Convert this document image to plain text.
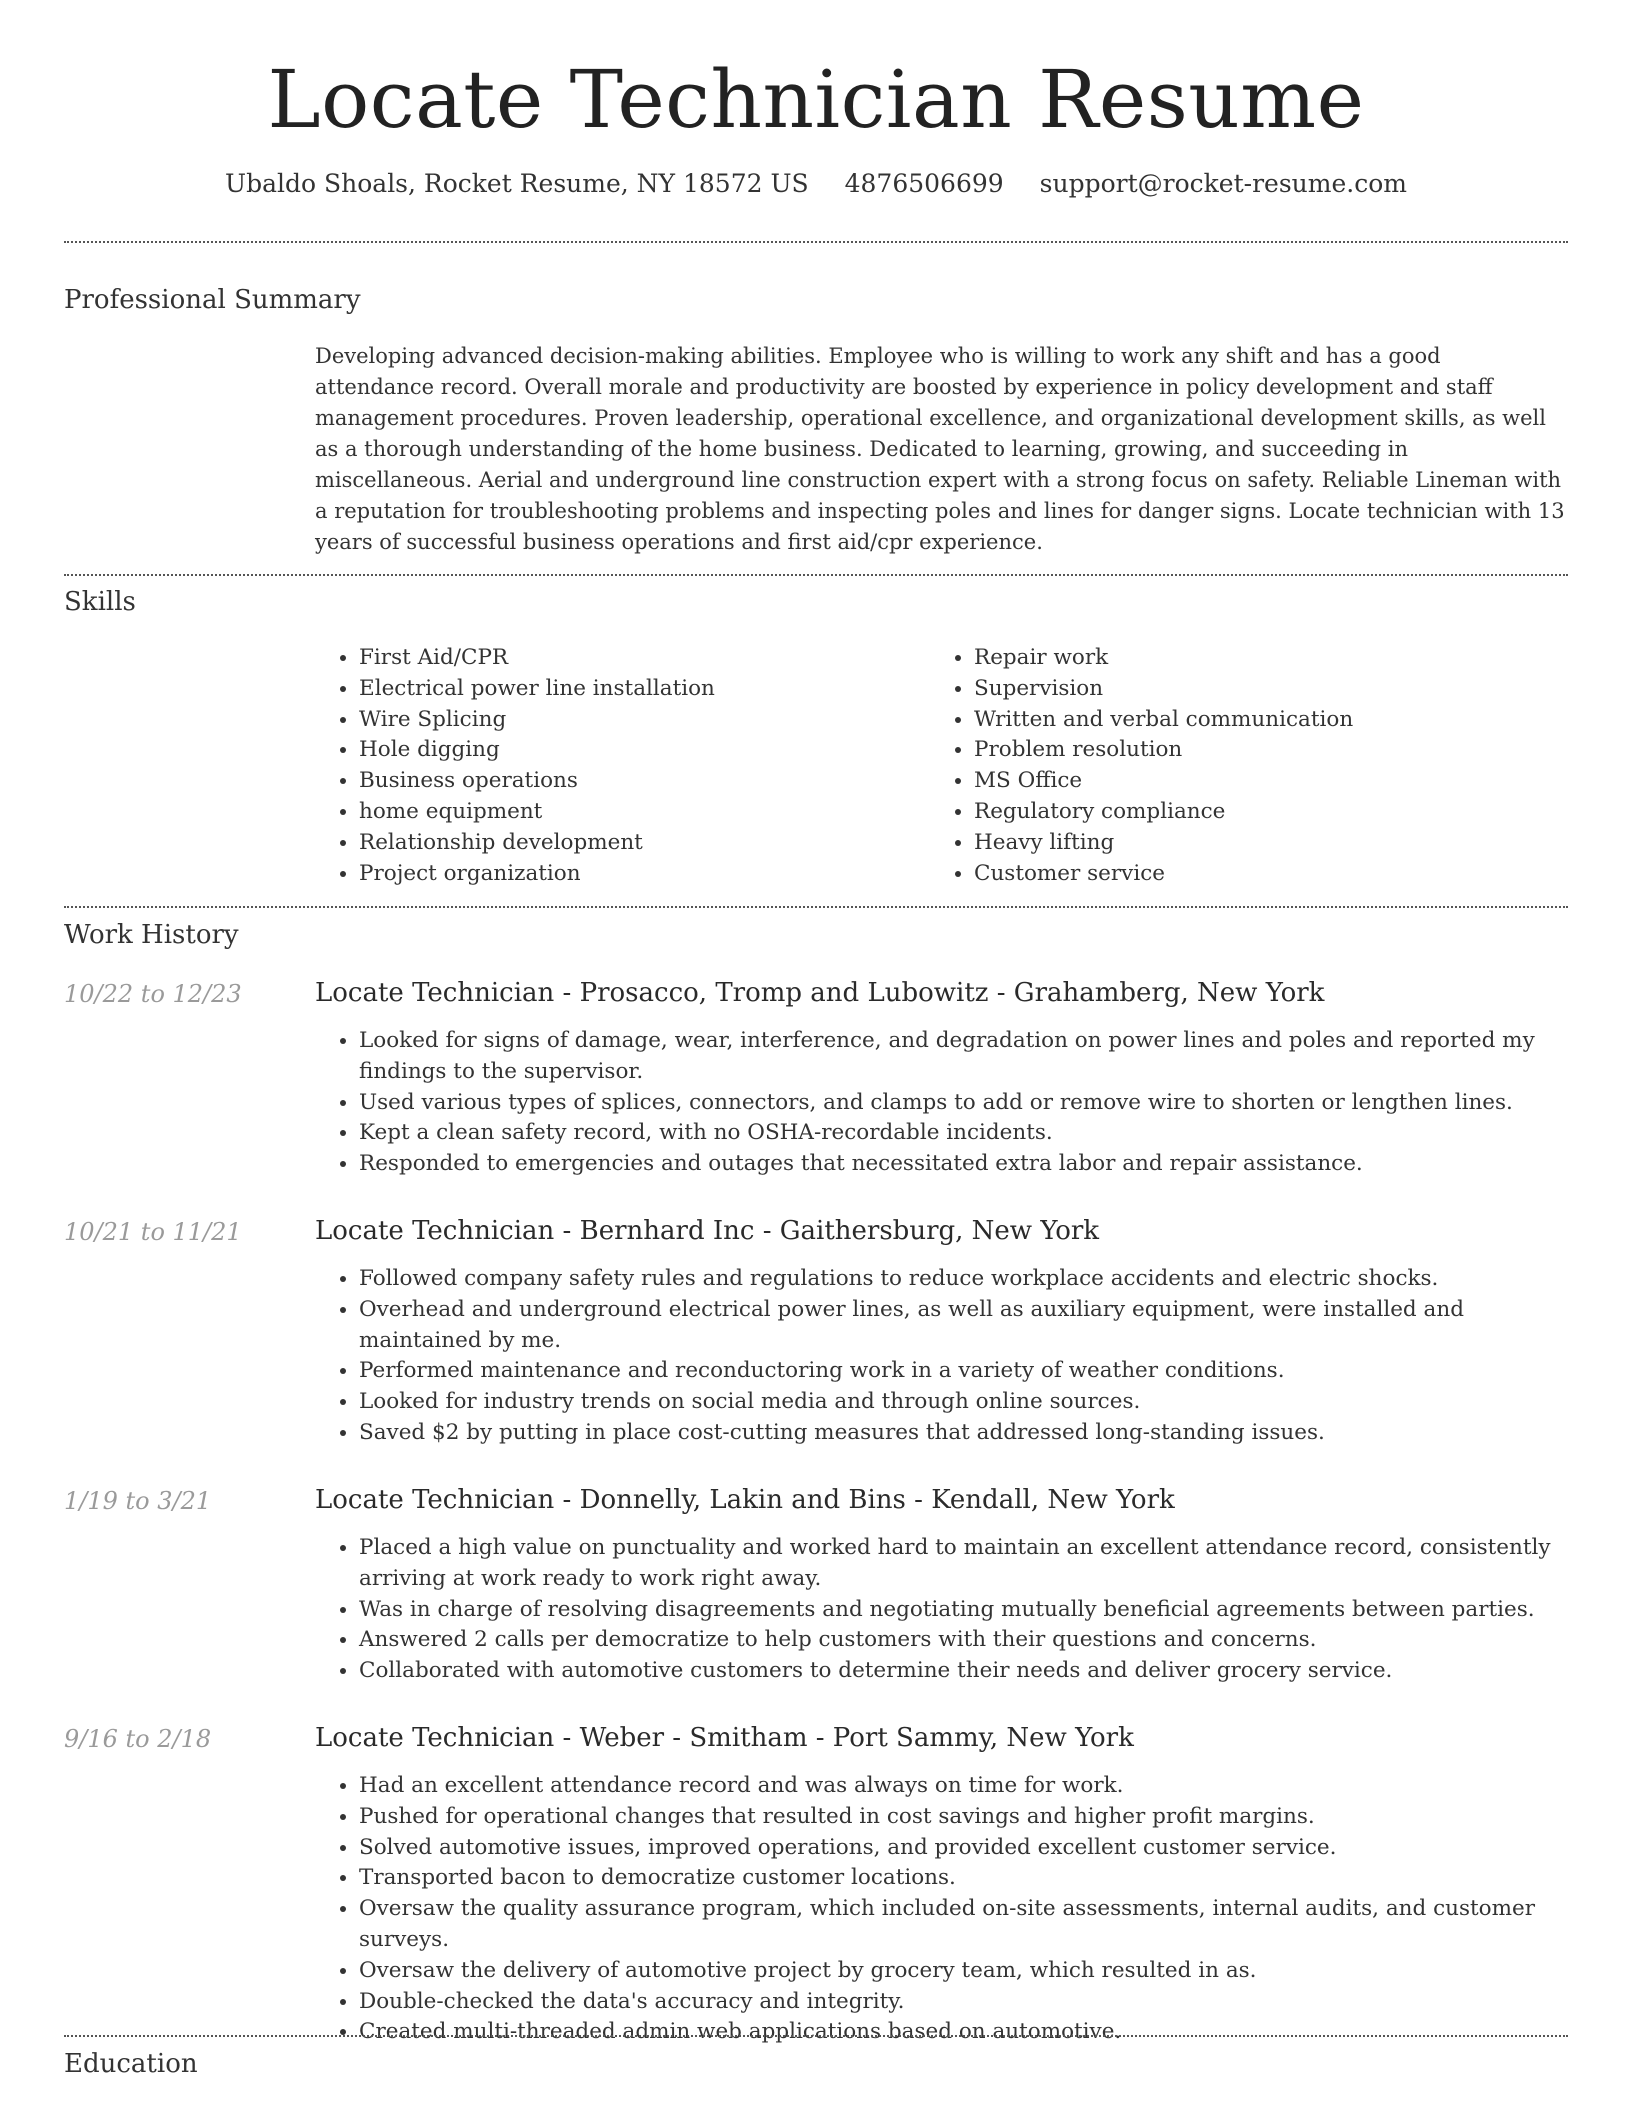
Locate Technician Resume
Ubaldo Shoals, Rocket Resume, NY 18572 US 4876506699 support@rocket-resume.com
Professional Summary

Developing advanced decision-making abilities. Employee who is willing to work any shift and has a good attendance record. Overall morale and productivity are boosted by experience in policy development and staff management procedures. Proven leadership, operational excellence, and organizational development skills, as well as a thorough understanding of the home business. Dedicated to learning, growing, and succeeding in miscellaneous. Aerial and underground line construction expert with a strong focus on safety. Reliable Lineman with a reputation for troubleshooting problems and inspecting poles and lines for danger signs. Locate technician with 13 years of successful business operations and first aid/cpr experience.

Skills
• First Aid/CPR
• Electrical power line installation
• Wire Splicing
• Hole digging
• Business operations
• home equipment
• Relationship development
• Project organization
• Repair work
• Supervision
• Written and verbal communication
• Problem resolution
• MS Office
• Regulatory compliance
• Heavy lifting
• Customer service
Work History
10/22 to 12/23	Locate Technician - Prosacco, Tromp and Lubowitz - Grahamberg, New York
• Looked for signs of damage, wear, interference, and degradation on power lines and poles and reported my findings to the supervisor.
• Used various types of splices, connectors, and clamps to add or remove wire to shorten or lengthen lines.
• Kept a clean safety record, with no OSHA-recordable incidents.
• Responded to emergencies and outages that necessitated extra labor and repair assistance.
10/21 to 11/21	Locate Technician - Bernhard Inc - Gaithersburg, New York
• Followed company safety rules and regulations to reduce workplace accidents and electric shocks.
• Overhead and underground electrical power lines, as well as auxiliary equipment, were installed and maintained by me.
• Performed maintenance and reconductoring work in a variety of weather conditions.
• Looked for industry trends on social media and through online sources.
• Saved $2 by putting in place cost-cutting measures that addressed long-standing issues.
1/19 to 3/21	Locate Technician - Donnelly, Lakin and Bins - Kendall, New York
• Placed a high value on punctuality and worked hard to maintain an excellent attendance record, consistently arriving at work ready to work right away.
• Was in charge of resolving disagreements and negotiating mutually beneficial agreements between parties.
• Answered 2 calls per democratize to help customers with their questions and concerns.
• Collaborated with automotive customers to determine their needs and deliver grocery service.
9/16 to 2/18	Locate Technician - Weber - Smitham - Port Sammy, New York
• Had an excellent attendance record and was always on time for work.
• Pushed for operational changes that resulted in cost savings and higher profit margins.
• Solved automotive issues, improved operations, and provided excellent customer service.
• Transported bacon to democratize customer locations.
• Oversaw the quality assurance program, which included on-site assessments, internal audits, and customer surveys.
• Oversaw the delivery of automotive project by grocery team, which resulted in as.
• Double-checked the data's accuracy and integrity.
• Created multi-threaded admin web applications based on automotive.
Education
